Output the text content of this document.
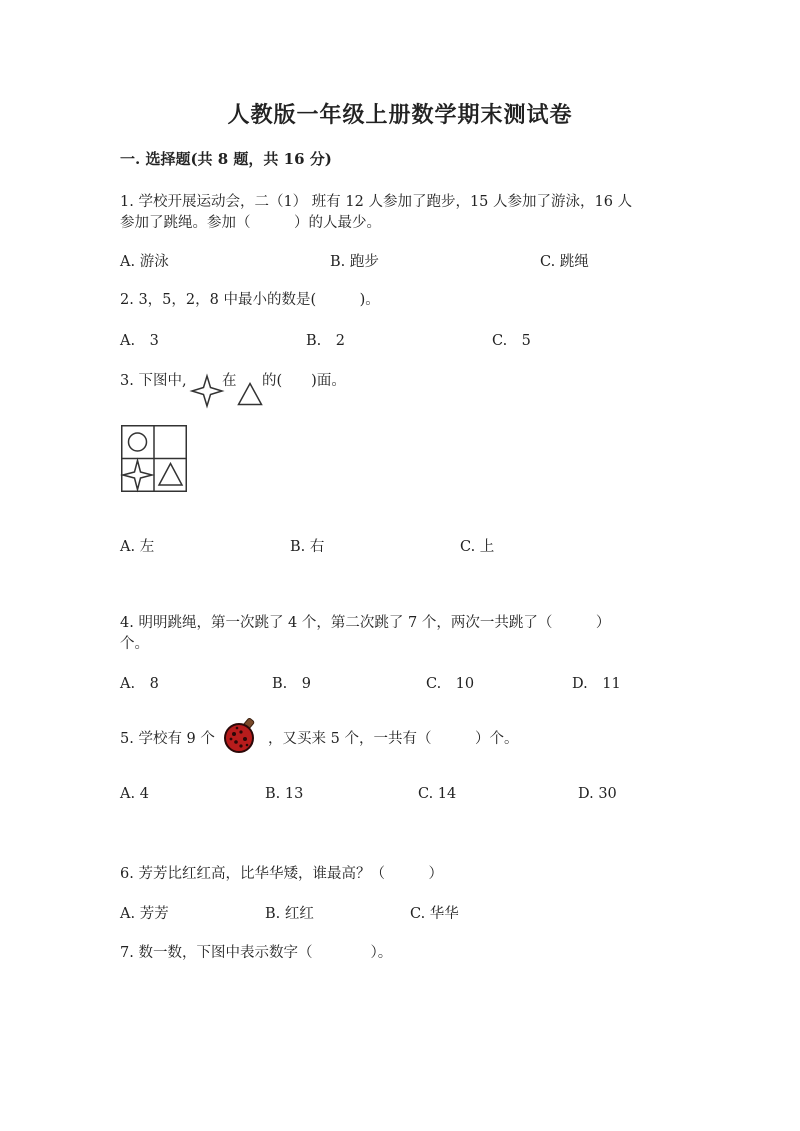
人教版一年级上册数学期末测试卷
一. 选择题(共 8 题，共 16 分)
1. 学校开展运动会，二（1） 班有 12 人参加了跑步，15 人参加了游泳，16 人
参加了跳绳。参加（　　　）的人最少。
A. 游泳	B. 跑步	C. 跳绳
2. 3，5，2，8 中最小的数是(　　　)。
A.　3	B.　2	C.　5
3. 下图中, 在 的(　　)面。
A. 左	B. 右	C. 上
4. 明明跳绳，第一次跳了 4 个，第二次跳了 7 个，两次一共跳了（　　　）
个。
A.　8	B.　9	C.　10	D.　11
5. 学校有 9 个	，又买来 5 个，一共有（　　　）个。
A. 4	B. 13	C. 14	D. 30
6. 芳芳比红红高，比华华矮，谁最高？（　　　）
A. 芳芳	B. 红红	C. 华华
7. 数一数，下图中表示数字（　　　　）。
